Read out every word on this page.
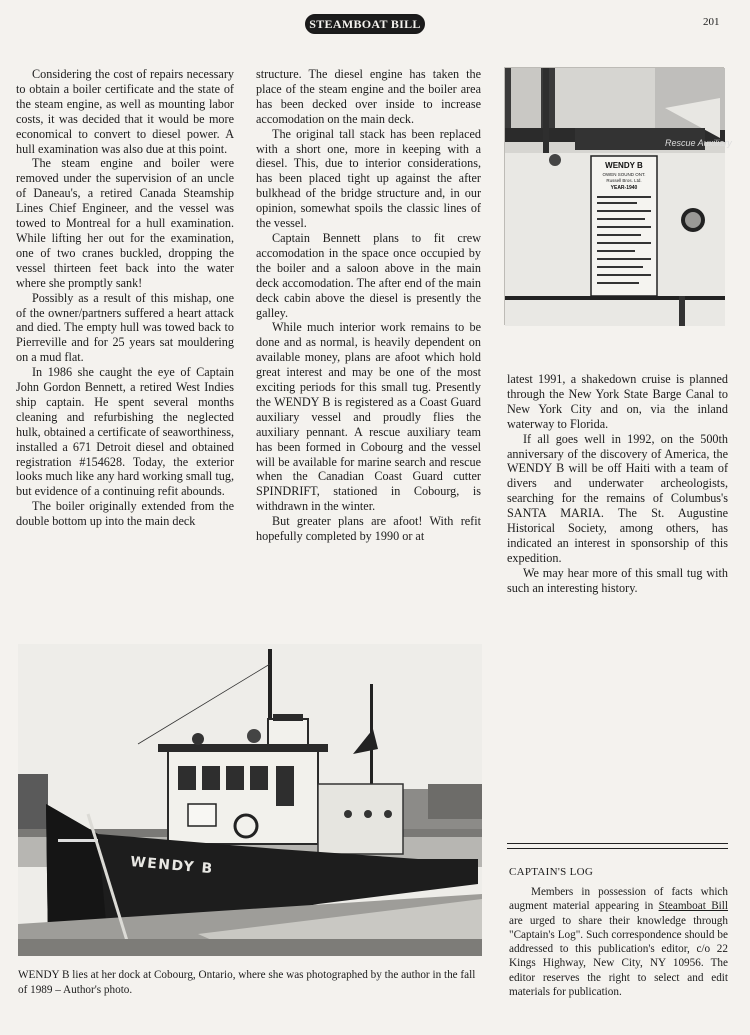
STEAMBOAT BILL	201

Considering the cost of repairs necessary to obtain a boiler certificate and the state of the steam engine, as well as mounting labor costs, it was decided that it would be more economical to convert to diesel power. A hull examination was also due at this point.

The steam engine and boiler were removed under the supervision of an uncle of Daneau's, a retired Canada Steamship Lines Chief Engineer, and the vessel was towed to Montreal for a hull examination. While lifting her out for the examination, one of two cranes buckled, dropping the vessel thirteen feet back into the water where she promptly sank!

Possibly as a result of this mishap, one of the owner/partners suffered a heart attack and died. The empty hull was towed back to Pierreville and for 25 years sat mouldering on a mud flat.

In 1986 she caught the eye of Captain John Gordon Bennett, a retired West Indies ship captain. He spent several months cleaning and refurbishing the neglected hulk, obtained a certificate of seaworthiness, installed a 671 Detroit diesel and obtained registration #154628. Today, the exterior looks much like any hard working small tug, but evidence of a continuing refit abounds.

The boiler originally extended from the double bottom up into the main deck

structure. The diesel engine has taken the place of the steam engine and the boiler area has been decked over inside to increase accomodation on the main deck.

The original tall stack has been replaced with a short one, more in keeping with a diesel. This, due to interior considerations, has been placed tight up against the after bulkhead of the bridge structure and, in our opinion, somewhat spoils the classic lines of the vessel.

Captain Bennett plans to fit crew accomodation in the space once occupied by the boiler and a saloon above in the main deck accomodation. The after end of the main deck cabin above the diesel is presently the galley.

While much interior work remains to be done and as normal, is heavily dependent on available money, plans are afoot which hold great interest and may be one of the most exciting periods for this small tug. Presently the WENDY B is registered as a Coast Guard auxiliary vessel and proudly flies the auxiliary pennant. A rescue auxiliary team has been formed in Cobourg and the vessel will be available for marine search and rescue when the Canadian Coast Guard cutter SPINDRIFT, stationed in Cobourg, is withdrawn in the winter.

But greater plans are afoot! With refit hopefully completed by 1990 or at

Rescue Auxiliary
WENDY B
OWEN SOUND ONT.
Russell Bros. Ltd.
YEAR-1940

latest 1991, a shakedown cruise is planned through the New York State Barge Canal to New York City and on, via the inland waterway to Florida.

If all goes well in 1992, on the 500th anniversary of the discovery of America, the WENDY B will be off Haiti with a team of divers and underwater archeologists, searching for the remains of Columbus's SANTA MARIA. The St. Augustine Historical Society, among others, has indicated an interest in sponsorship of this expedition.

We may hear more of this small tug with such an interesting history.

WENDY B
WENDY B lies at her dock at Cobourg, Ontario, where she was photographed by the author in the fall of 1989 – Author's photo.
CAPTAIN'S LOG

Members in possession of facts which augment material appearing in Steamboat Bill are urged to share their knowledge through "Captain's Log". Such correspondence should be addressed to this publication's editor, c/o 22 Kings Highway, New City, NY 10956. The editor reserves the right to select and edit materials for publication.
